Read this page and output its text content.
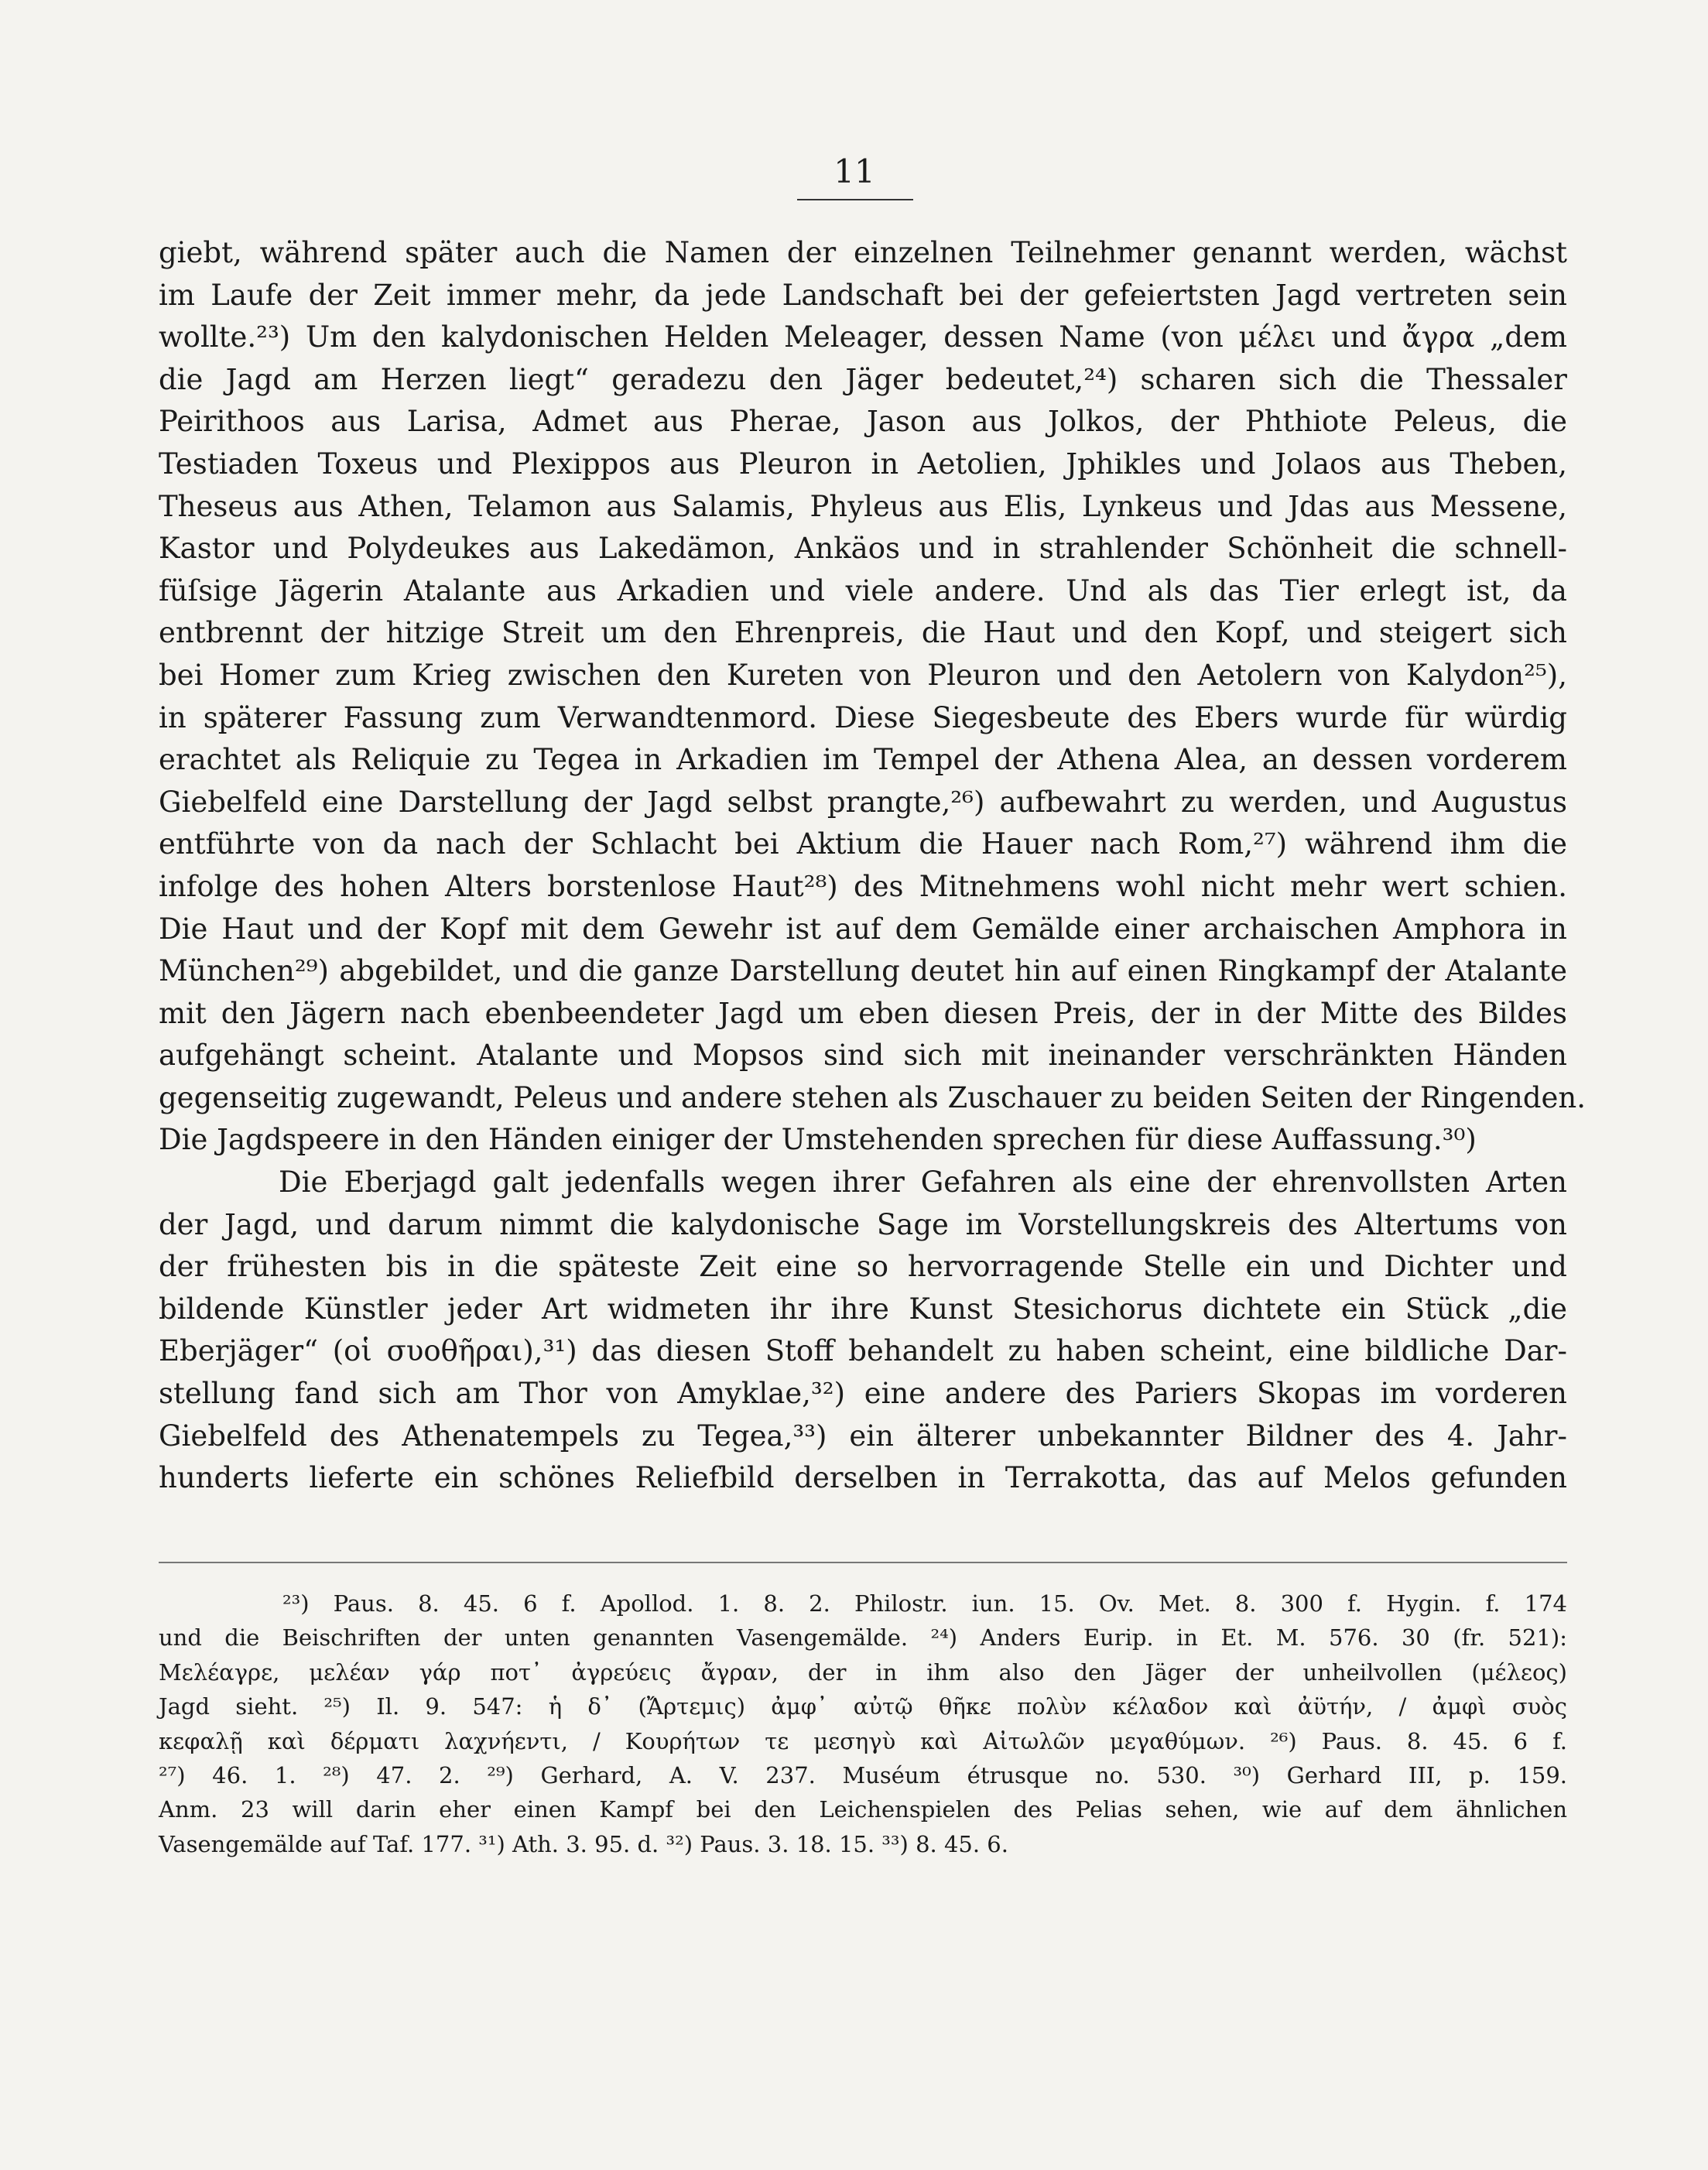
11
giebt, während später auch die Namen der einzelnen Teilnehmer genannt werden, wächst
im Laufe der Zeit immer mehr, da jede Landschaft bei der gefeiertsten Jagd vertreten sein
wollte.²³) Um den kalydonischen Helden Meleager, dessen Name (von μέλει und ἄγρα „dem
die Jagd am Herzen liegt“ geradezu den Jäger bedeutet,²⁴) scharen sich die Thessaler
Peirithoos aus Larisa, Admet aus Pherae, Jason aus Jolkos, der Phthiote Peleus, die
Testiaden Toxeus und Plexippos aus Pleuron in Aetolien, Jphikles und Jolaos aus Theben,
Theseus aus Athen, Telamon aus Salamis, Phyleus aus Elis, Lynkeus und Jdas aus Messene,
Kastor und Polydeukes aus Lakedämon, Ankäos und in strahlender Schönheit die schnell-
füſsige Jägerin Atalante aus Arkadien und viele andere. Und als das Tier erlegt ist, da
entbrennt der hitzige Streit um den Ehrenpreis, die Haut und den Kopf, und steigert sich
bei Homer zum Krieg zwischen den Kureten von Pleuron und den Aetolern von Kalydon²⁵),
in späterer Fassung zum Verwandtenmord. Diese Siegesbeute des Ebers wurde für würdig
erachtet als Reliquie zu Tegea in Arkadien im Tempel der Athena Alea, an dessen vorderem
Giebelfeld eine Darstellung der Jagd selbst prangte,²⁶) aufbewahrt zu werden, und Augustus
entführte von da nach der Schlacht bei Aktium die Hauer nach Rom,²⁷) während ihm die
infolge des hohen Alters borstenlose Haut²⁸) des Mitnehmens wohl nicht mehr wert schien.
Die Haut und der Kopf mit dem Gewehr ist auf dem Gemälde einer archaischen Amphora in
München²⁹) abgebildet, und die ganze Darstellung deutet hin auf einen Ringkampf der Atalante
mit den Jägern nach ebenbeendeter Jagd um eben diesen Preis, der in der Mitte des Bildes
aufgehängt scheint. Atalante und Mopsos sind sich mit ineinander verschränkten Händen
gegenseitig zugewandt, Peleus und andere stehen als Zuschauer zu beiden Seiten der Ringenden.
Die Jagdspeere in den Händen einiger der Umstehenden sprechen für diese Auffassung.³⁰)
Die Eberjagd galt jedenfalls wegen ihrer Gefahren als eine der ehrenvollsten Arten
der Jagd, und darum nimmt die kalydonische Sage im Vorstellungskreis des Altertums von
der frühesten bis in die späteste Zeit eine so hervorragende Stelle ein und Dichter und
bildende Künstler jeder Art widmeten ihr ihre Kunst Stesichorus dichtete ein Stück „die
Eberjäger“ (οἱ συοθῆραι),³¹) das diesen Stoff behandelt zu haben scheint, eine bildliche Dar-
stellung fand sich am Thor von Amyklae,³²) eine andere des Pariers Skopas im vorderen
Giebelfeld des Athenatempels zu Tegea,³³) ein älterer unbekannter Bildner des 4. Jahr-
hunderts lieferte ein schönes Reliefbild derselben in Terrakotta, das auf Melos gefunden
²³) Paus. 8. 45. 6 f. Apollod. 1. 8. 2. Philostr. iun. 15. Ov. Met. 8. 300 f. Hygin. f. 174
und die Beischriften der unten genannten Vasengemälde. ²⁴) Anders Eurip. in Et. M. 576. 30 (fr. 521):
Μελέαγρε, μελέαν γάρ ποτ᾽ ἀγρεύεις ἄγραν, der in ihm also den Jäger der unheilvollen (μέλεος)
Jagd sieht. ²⁵) Il. 9. 547: ἡ δ᾽ (Ἄρτεμις) ἀμφ᾽ αὐτῷ θῆκε πολὺν κέλαδον καὶ ἀϋτήν, / ἀμφὶ συὸς
κεφαλῇ καὶ δέρματι λαχνήεντι, / Κουρήτων τε μεσηγὺ καὶ Αἰτωλῶν μεγαθύμων. ²⁶) Paus. 8. 45. 6 f.
²⁷) 46. 1. ²⁸) 47. 2. ²⁹) Gerhard, A. V. 237. Muséum étrusque no. 530. ³⁰) Gerhard III, p. 159.
Anm. 23 will darin eher einen Kampf bei den Leichenspielen des Pelias sehen, wie auf dem ähnlichen
Vasengemälde auf Taf. 177. ³¹) Ath. 3. 95. d. ³²) Paus. 3. 18. 15. ³³) 8. 45. 6.
